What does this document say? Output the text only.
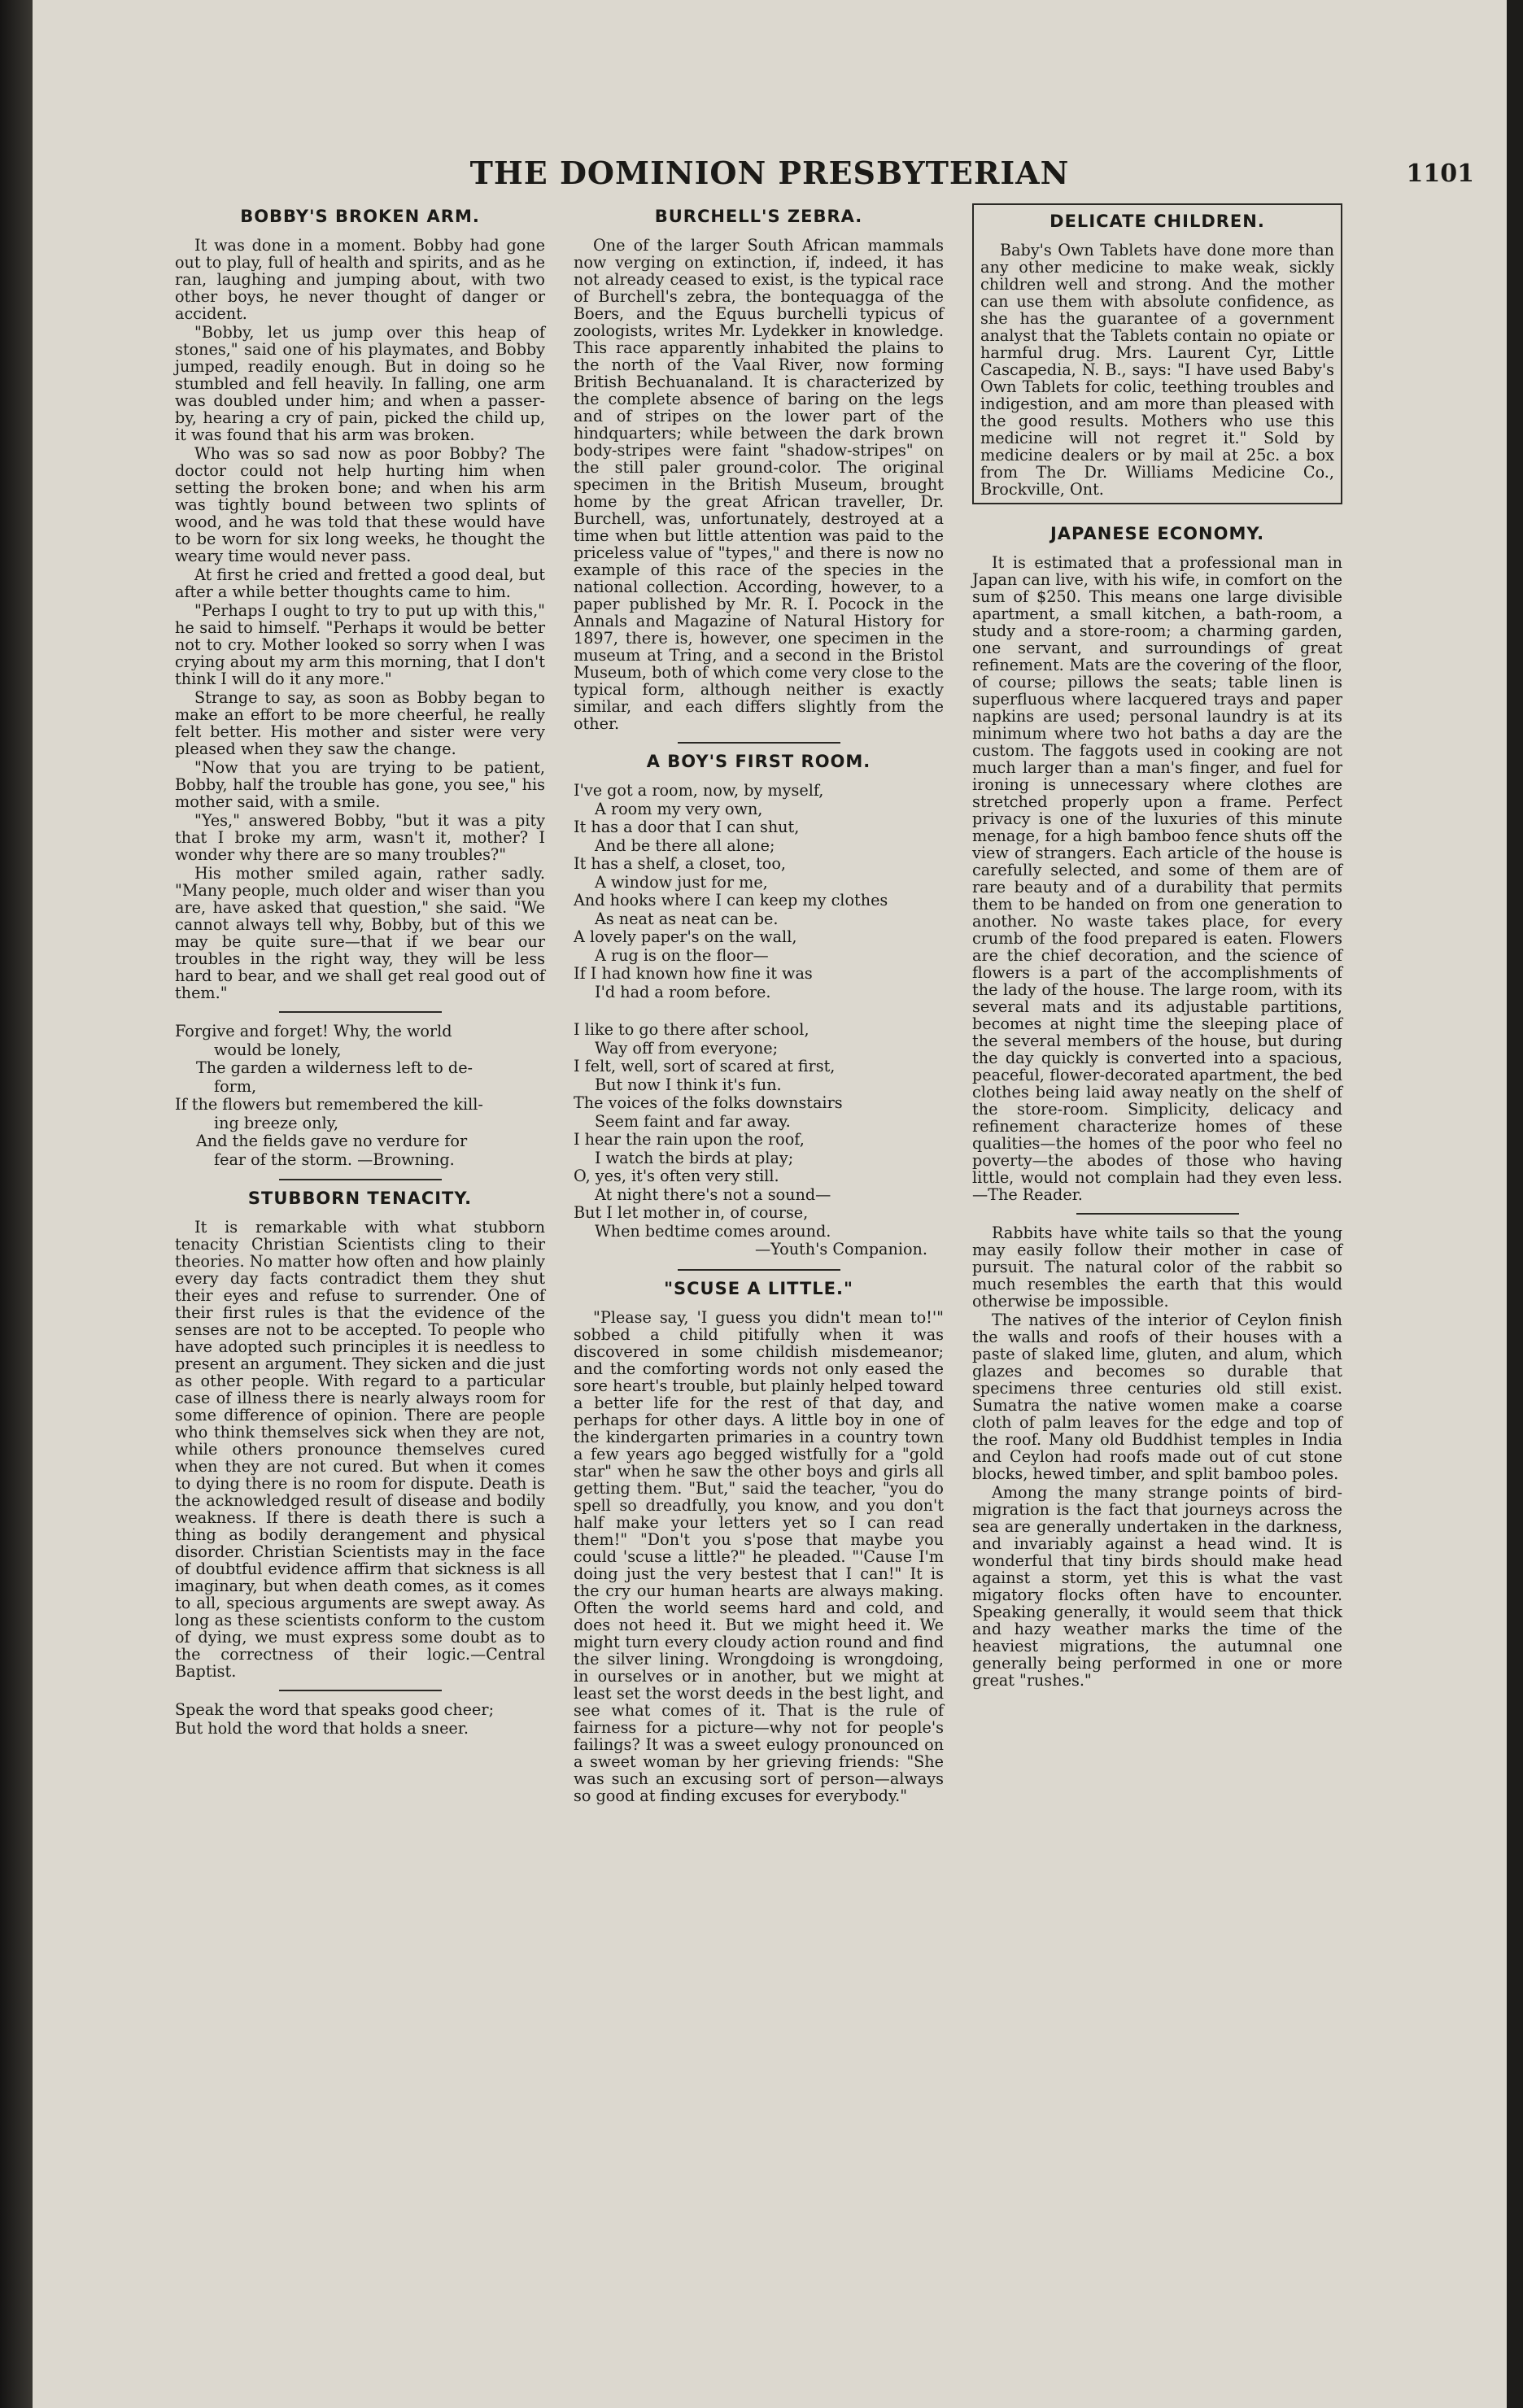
THE DOMINION PRESBYTERIAN	1101
BOBBY'S BROKEN ARM.

It was done in a moment. Bobby had gone out to play, full of health and spirits, and as he ran, laughing and jumping about, with two other boys, he never thought of danger or accident.

"Bobby, let us jump over this heap of stones," said one of his playmates, and Bobby jumped, readily enough. But in doing so he stumbled and fell heavily. In falling, one arm was doubled under him; and when a passer-by, hearing a cry of pain, picked the child up, it was found that his arm was broken.

Who was so sad now as poor Bobby? The doctor could not help hurting him when setting the broken bone; and when his arm was tightly bound between two splints of wood, and he was told that these would have to be worn for six long weeks, he thought the weary time would never pass.

At first he cried and fretted a good deal, but after a while better thoughts came to him.

"Perhaps I ought to try to put up with this," he said to himself. "Perhaps it would be better not to cry. Mother looked so sorry when I was crying about my arm this morning, that I don't think I will do it any more."

Strange to say, as soon as Bobby began to make an effort to be more cheerful, he really felt better. His mother and sister were very pleased when they saw the change.

"Now that you are trying to be patient, Bobby, half the trouble has gone, you see," his mother said, with a smile.

"Yes," answered Bobby, "but it was a pity that I broke my arm, wasn't it, mother? I wonder why there are so many troubles?"

His mother smiled again, rather sadly. "Many people, much older and wiser than you are, have asked that question," she said. "We cannot always tell why, Bobby, but of this we may be quite sure—that if we bear our troubles in the right way, they will be less hard to bear, and we shall get real good out of them."

Forgive and forget! Why, the world
would be lonely,
The garden a wilderness left to de-
form,
If the flowers but remembered the kill-
ing breeze only,
And the fields gave no verdure for
fear of the storm. —Browning.
STUBBORN TENACITY.

It is remarkable with what stubborn tenacity Christian Scientists cling to their theories. No matter how often and how plainly every day facts contradict them they shut their eyes and refuse to surrender. One of their first rules is that the evidence of the senses are not to be accepted. To people who have adopted such principles it is needless to present an argument. They sicken and die just as other people. With regard to a particular case of illness there is nearly always room for some difference of opinion. There are people who think themselves sick when they are not, while others pronounce themselves cured when they are not cured. But when it comes to dying there is no room for dispute. Death is the acknowledged result of disease and bodily weakness. If there is death there is such a thing as bodily derangement and physical disorder. Christian Scientists may in the face of doubtful evidence affirm that sickness is all imaginary, but when death comes, as it comes to all, specious arguments are swept away. As long as these scientists conform to the custom of dying, we must express some doubt as to the correctness of their logic.—Central Baptist.

Speak the word that speaks good cheer;
But hold the word that holds a sneer.
BURCHELL'S ZEBRA.

One of the larger South African mammals now verging on extinction, if, indeed, it has not already ceased to exist, is the typical race of Burchell's zebra, the bontequagga of the Boers, and the Equus burchelli typicus of zoologists, writes Mr. Lydekker in knowledge. This race apparently inhabited the plains to the north of the Vaal River, now forming British Bechuanaland. It is characterized by the complete absence of baring on the legs and of stripes on the lower part of the hindquarters; while between the dark brown body-stripes were faint "shadow-stripes" on the still paler ground-color. The original specimen in the British Museum, brought home by the great African traveller, Dr. Burchell, was, unfortunately, destroyed at a time when but little attention was paid to the priceless value of "types," and there is now no example of this race of the species in the national collection. According, however, to a paper published by Mr. R. I. Pocock in the Annals and Magazine of Natural History for 1897, there is, however, one specimen in the museum at Tring, and a second in the Bristol Museum, both of which come very close to the typical form, although neither is exactly similar, and each differs slightly from the other.

A BOY'S FIRST ROOM.
I've got a room, now, by myself,
A room my very own,
It has a door that I can shut,
And be there all alone;
It has a shelf, a closet, too,
A window just for me,
And hooks where I can keep my clothes
As neat as neat can be.
A lovely paper's on the wall,
A rug is on the floor—
If I had known how fine it was
I'd had a room before.
I like to go there after school,
Way off from everyone;
I felt, well, sort of scared at first,
But now I think it's fun.
The voices of the folks downstairs
Seem faint and far away.
I hear the rain upon the roof,
I watch the birds at play;
O, yes, it's often very still.
At night there's not a sound—
But I let mother in, of course,
When bedtime comes around.
—Youth's Companion.
"SCUSE A LITTLE."

"Please say, 'I guess you didn't mean to!'" sobbed a child pitifully when it was discovered in some childish misdemeanor; and the comforting words not only eased the sore heart's trouble, but plainly helped toward a better life for the rest of that day, and perhaps for other days. A little boy in one of the kindergarten primaries in a country town a few years ago begged wistfully for a "gold star" when he saw the other boys and girls all getting them. "But," said the teacher, "you do spell so dreadfully, you know, and you don't half make your letters yet so I can read them!" "Don't you s'pose that maybe you could 'scuse a little?" he pleaded. "'Cause I'm doing just the very bestest that I can!" It is the cry our human hearts are always making. Often the world seems hard and cold, and does not heed it. But we might heed it. We might turn every cloudy action round and find the silver lining. Wrongdoing is wrongdoing, in ourselves or in another, but we might at least set the worst deeds in the best light, and see what comes of it. That is the rule of fairness for a picture—why not for people's failings? It was a sweet eulogy pronounced on a sweet woman by her grieving friends: "She was such an excusing sort of person—always so good at finding excuses for everybody."

DELICATE CHILDREN.

Baby's Own Tablets have done more than any other medicine to make weak, sickly children well and strong. And the mother can use them with absolute confidence, as she has the guarantee of a government analyst that the Tablets contain no opiate or harmful drug. Mrs. Laurent Cyr, Little Cascapedia, N. B., says: "I have used Baby's Own Tablets for colic, teething troubles and indigestion, and am more than pleased with the good results. Mothers who use this medicine will not regret it." Sold by medicine dealers or by mail at 25c. a box from The Dr. Williams Medicine Co., Brockville, Ont.

JAPANESE ECONOMY.

It is estimated that a professional man in Japan can live, with his wife, in comfort on the sum of $250. This means one large divisible apartment, a small kitchen, a bath-room, a study and a store-room; a charming garden, one servant, and surroundings of great refinement. Mats are the covering of the floor, of course; pillows the seats; table linen is superfluous where lacquered trays and paper napkins are used; personal laundry is at its minimum where two hot baths a day are the custom. The faggots used in cooking are not much larger than a man's finger, and fuel for ironing is unnecessary where clothes are stretched properly upon a frame. Perfect privacy is one of the luxuries of this minute menage, for a high bamboo fence shuts off the view of strangers. Each article of the house is carefully selected, and some of them are of rare beauty and of a durability that permits them to be handed on from one generation to another. No waste takes place, for every crumb of the food prepared is eaten. Flowers are the chief decoration, and the science of flowers is a part of the accomplishments of the lady of the house. The large room, with its several mats and its adjustable partitions, becomes at night time the sleeping place of the several members of the house, but during the day quickly is converted into a spacious, peaceful, flower-decorated apartment, the bed clothes being laid away neatly on the shelf of the store-room. Simplicity, delicacy and refinement characterize homes of these qualities—the homes of the poor who feel no poverty—the abodes of those who having little, would not complain had they even less.—The Reader.

Rabbits have white tails so that the young may easily follow their mother in case of pursuit. The natural color of the rabbit so much resembles the earth that this would otherwise be impossible.

The natives of the interior of Ceylon finish the walls and roofs of their houses with a paste of slaked lime, gluten, and alum, which glazes and becomes so durable that specimens three centuries old still exist. Sumatra the native women make a coarse cloth of palm leaves for the edge and top of the roof. Many old Buddhist temples in India and Ceylon had roofs made out of cut stone blocks, hewed timber, and split bamboo poles.

Among the many strange points of bird-migration is the fact that journeys across the sea are generally undertaken in the darkness, and invariably against a head wind. It is wonderful that tiny birds should make head against a storm, yet this is what the vast migatory flocks often have to encounter. Speaking generally, it would seem that thick and hazy weather marks the time of the heaviest migrations, the autumnal one generally being performed in one or more great "rushes."
